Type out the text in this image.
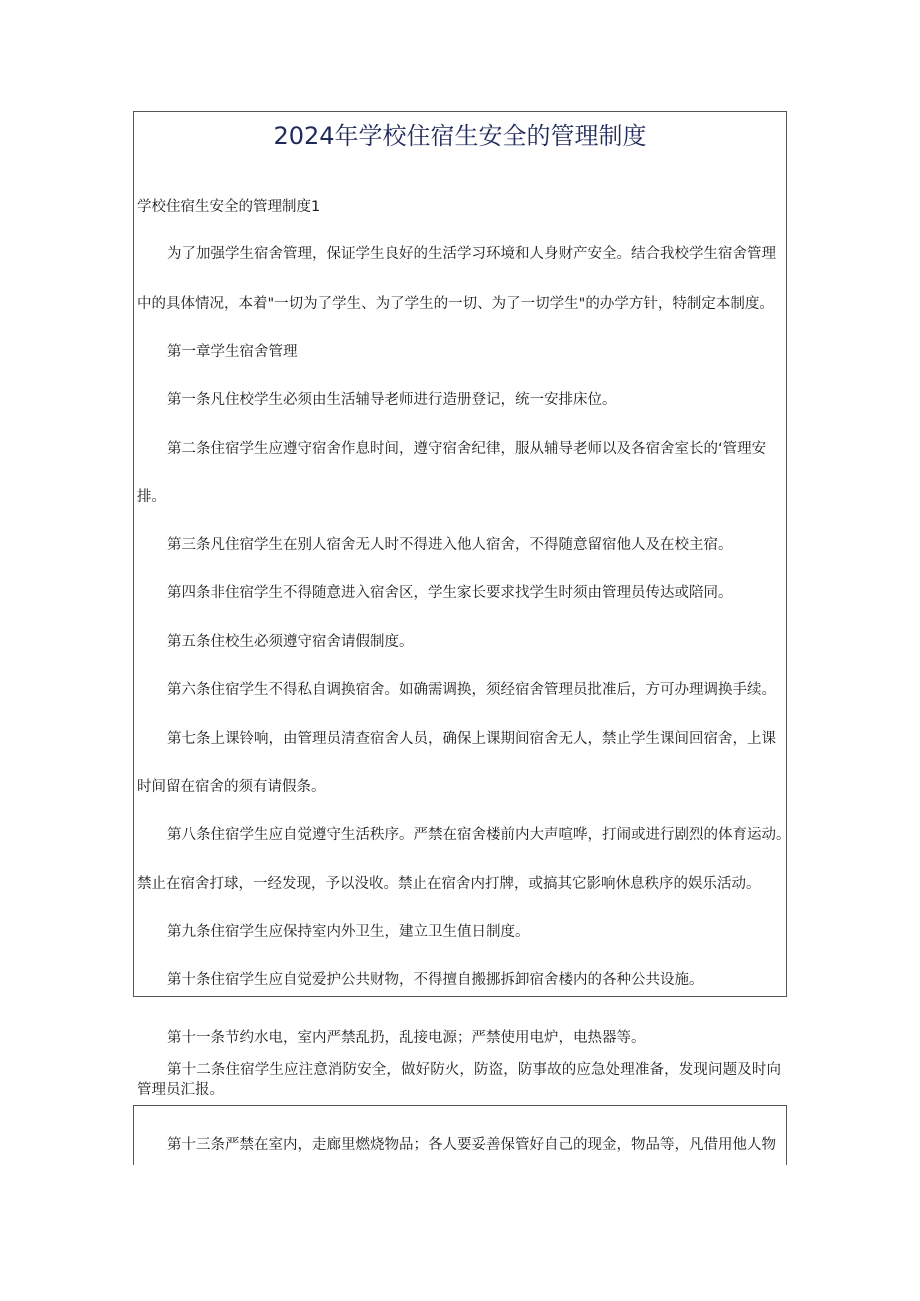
2024年学校住宿生安全的管理制度
学校住宿生安全的管理制度1
为了加强学生宿舍管理，保证学生良好的生活学习环境和人身财产安全。结合我校学生宿舍管理
中的具体情况，本着"一切为了学生、为了学生的一切、为了一切学生"的办学方针，特制定本制度。
第一章学生宿舍管理
第一条凡住校学生必须由生活辅导老师进行造册登记，统一安排床位。
第二条住宿学生应遵守宿舍作息时间，遵守宿舍纪律，服从辅导老师以及各宿舍室长的‘管理安
排。
第三条凡住宿学生在别人宿舍无人时不得进入他人宿舍，不得随意留宿他人及在校主宿。
第四条非住宿学生不得随意进入宿舍区，学生家长要求找学生时须由管理员传达或陪同。
第五条住校生必须遵守宿舍请假制度。
第六条住宿学生不得私自调换宿舍。如确需调换，须经宿舍管理员批准后，方可办理调换手续。
第七条上课铃响，由管理员清查宿舍人员，确保上课期间宿舍无人，禁止学生课间回宿舍，上课
时间留在宿舍的须有请假条。
第八条住宿学生应自觉遵守生活秩序。严禁在宿舍楼前内大声喧哗，打闹或进行剧烈的体育运动。
禁止在宿舍打球，一经发现，予以没收。禁止在宿舍内打牌，或搞其它影响休息秩序的娱乐活动。
第九条住宿学生应保持室内外卫生，建立卫生值日制度。
第十条住宿学生应自觉爱护公共财物，不得擅自搬挪拆卸宿舍楼内的各种公共设施。
第十一条节约水电，室内严禁乱扔，乱接电源；严禁使用电炉，电热器等。
第十二条住宿学生应注意消防安全，做好防火，防盗，防事故的应急处理准备，发现问题及时向管理员汇报。
第十三条严禁在室内，走廊里燃烧物品；各人要妥善保管好自己的现金，物品等，凡借用他人物
